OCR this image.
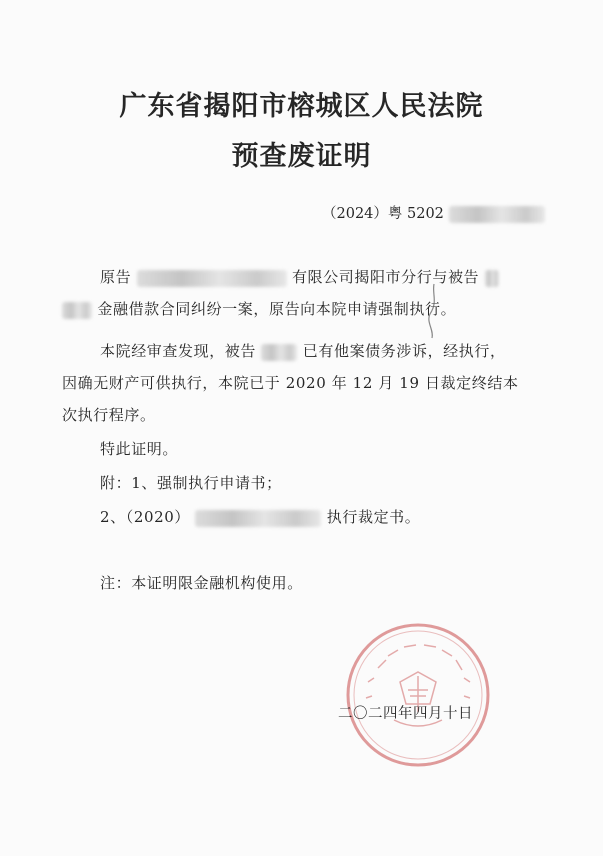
广东省揭阳市榕城区人民法院
预查废证明
（2024）粤 5202
原告	有限公司揭阳市分行与被告
金融借款合同纠纷一案，原告向本院申请强制执行。
本院经审查发现，被告	已有他案债务涉诉，经执行，
因确无财产可供执行，本院已于 2020 年 12 月 19 日裁定终结本
次执行程序。
特此证明。
附：1、强制执行申请书；
2、（2020）	执行裁定书。
注：本证明限金融机构使用。
二〇二四年四月十日
